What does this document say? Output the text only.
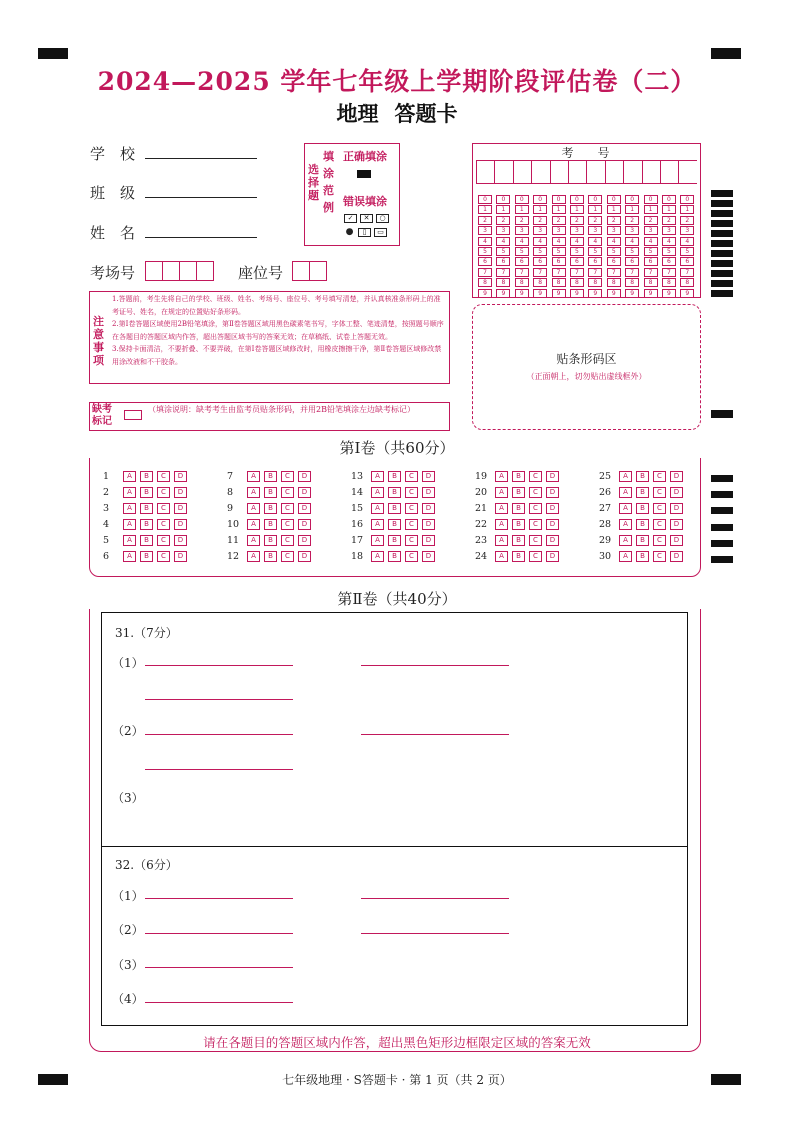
2024—2025 学年七年级上学期阶段评估卷（二）
地理 答题卡
学　校
班　级
姓　名
考场号	座位号
选择题
填涂范例
正确填涂
错误填涂
✓ ✕ ○
● ▯ ▭
考　　号
0 0 0 0 0 0 0 0 0 0 0 0
1 1 1 1 1 1 1 1 1 1 1 1
2 2 2 2 2 2 2 2 2 2 2 2
3 3 3 3 3 3 3 3 3 3 3 3
4 4 4 4 4 4 4 4 4 4 4 4
5 5 5 5 5 5 5 5 5 5 5 5
6 6 6 6 6 6 6 6 6 6 6 6
7 7 7 7 7 7 7 7 7 7 7 7
8 8 8 8 8 8 8 8 8 8 8 8
9 9 9 9 9 9 9 9 9 9 9 9
注意事项
1.答题前，考生先将自己的学校、班级、姓名、考场号、座位号、考号填写清楚，并认真核准条形码上的准考证号、姓名，在规定的位置贴好条形码。
2.第Ⅰ卷答题区域使用2B铅笔填涂，第Ⅱ卷答题区域用黑色碳素笔书写，字体工整、笔迹清楚，按照题号顺序在各题目的答题区域内作答，超出答题区域书写的答案无效；在草稿纸、试卷上答题无效。
3.保持卡面清洁，不要折叠、不要弄破，在第Ⅰ卷答题区域修改时，用橡皮擦擦干净，第Ⅱ卷答题区域修改禁用涂改液和不干胶条。	贴条形码区
（正面朝上，切勿贴出虚线框外）
缺考标记
（填涂说明：缺考考生由监考员贴条形码，并用2B铅笔填涂左边缺考标记）
第Ⅰ卷（共60分）
1	A B C D
2	A B C D
3	A B C D
4	A B C D
5	A B C D
6	A B C D
7	A B C D
8	A B C D
9	A B C D
10 A B C D
11 A B C D
12 A B C D
13 A B C D
14 A B C D
15 A B C D
16 A B C D
17 A B C D
18 A B C D
19 A B C D
20 A B C D
21 A B C D
22 A B C D
23 A B C D
24 A B C D
25 A B C D
26 A B C D
27 A B C D
28 A B C D
29 A B C D
30 A B C D
第Ⅱ卷（共40分）
31.（7分）
（1）
（2）
（3）
32.（6分）
（1）
（2）
（3）
（4）
请在各题目的答题区域内作答，超出黑色矩形边框限定区域的答案无效
七年级地理 · S答题卡 · 第 1 页（共 2 页）
